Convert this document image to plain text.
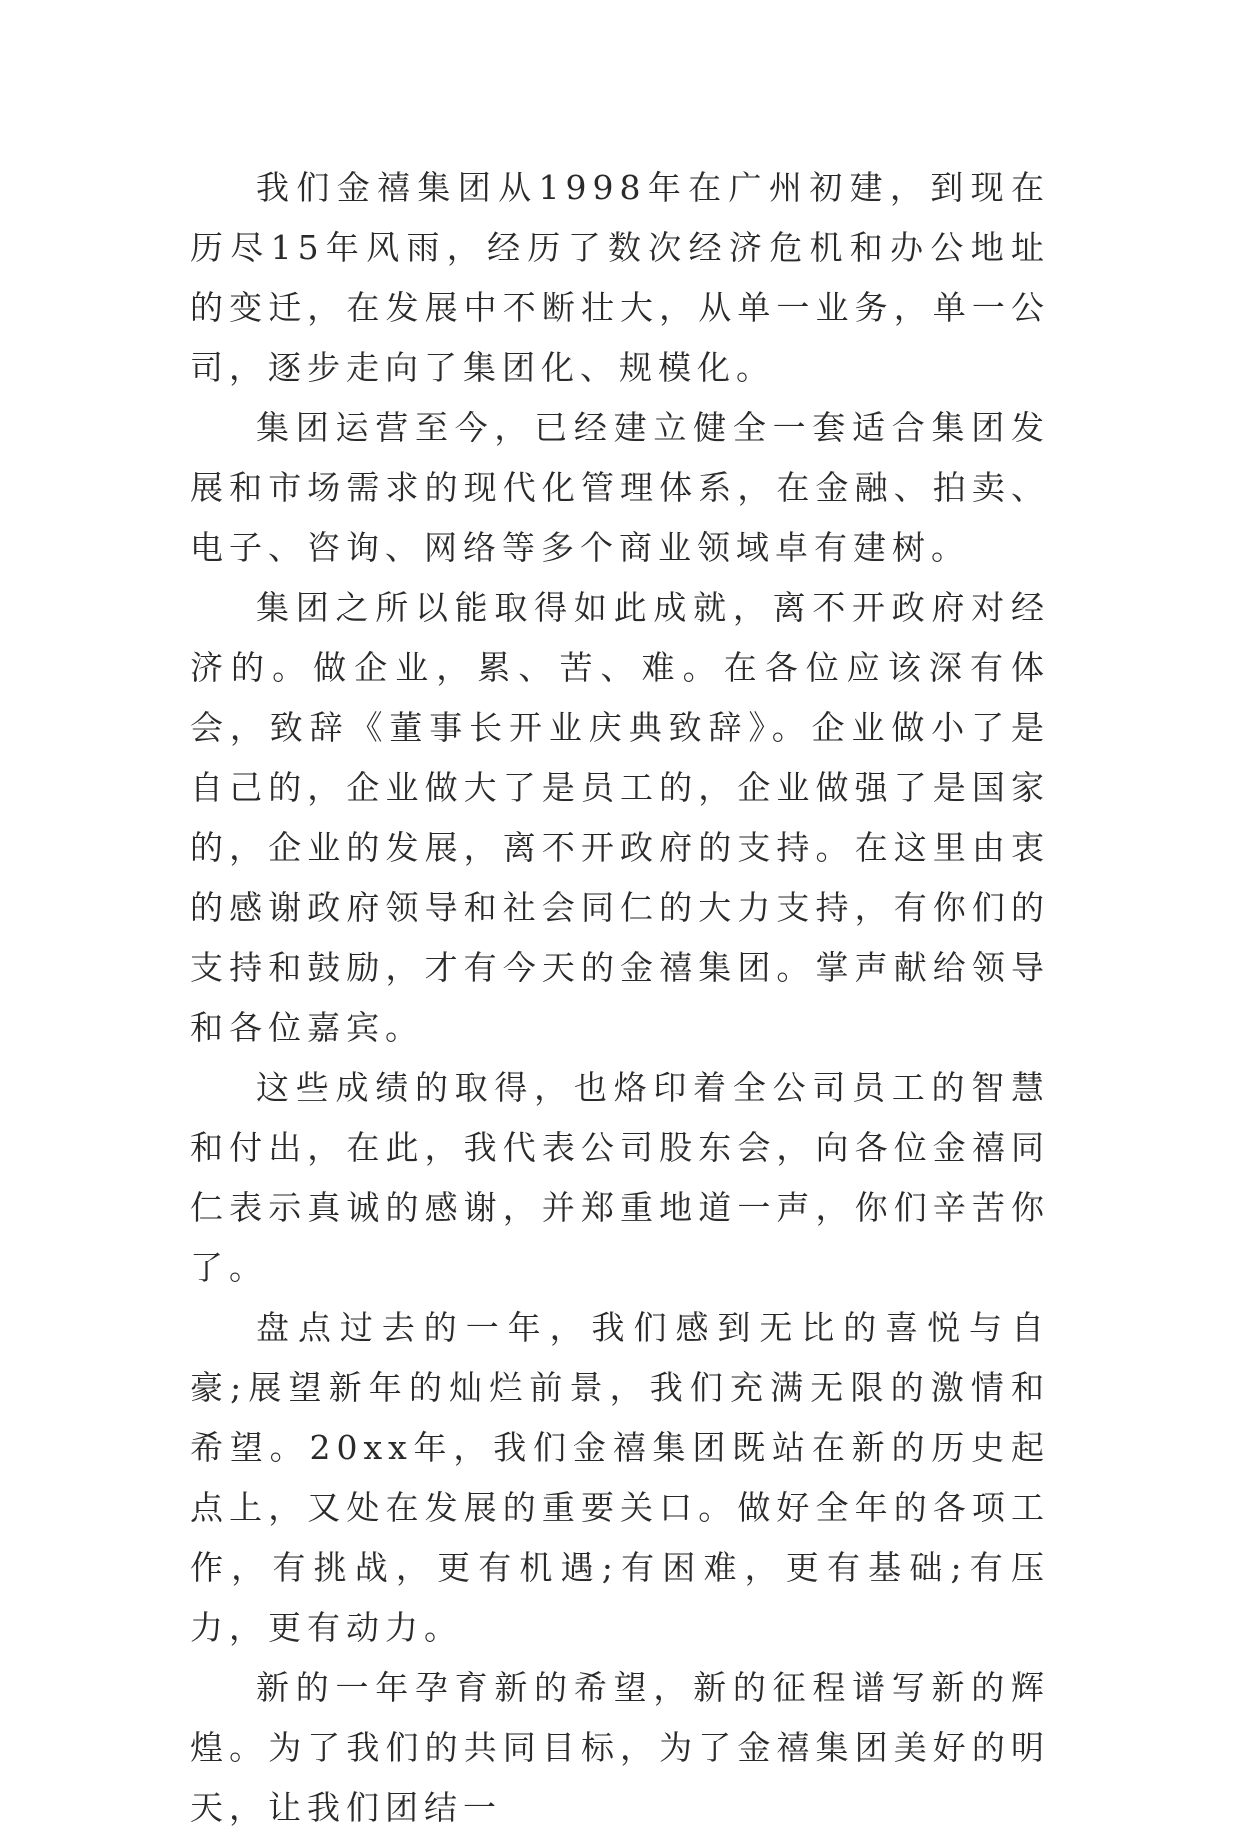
我们金禧集团从1998年在广州初建，到现在历尽15年风雨，经历了数次经济危机和办公地址的变迁，在发展中不断壮大，从单一业务，单一公司，逐步走向了集团化、规模化。

集团运营至今，已经建立健全一套适合集团发展和市场需求的现代化管理体系，在金融、拍卖、电子、咨询、网络等多个商业领域卓有建树。

集团之所以能取得如此成就，离不开政府对经济的。做企业，累、苦、难。在各位应该深有体会，致辞《董事长开业庆典致辞》。企业做小了是自己的，企业做大了是员工的，企业做强了是国家的，企业的发展，离不开政府的支持。在这里由衷的感谢政府领导和社会同仁的大力支持，有你们的支持和鼓励，才有今天的金禧集团。掌声献给领导和各位嘉宾。

这些成绩的取得，也烙印着全公司员工的智慧和付出，在此，我代表公司股东会，向各位金禧同仁表示真诚的感谢，并郑重地道一声，你们辛苦你了。

盘点过去的一年，我们感到无比的喜悦与自豪;展望新年的灿烂前景，我们充满无限的激情和希望。20xx年，我们金禧集团既站在新的历史起点上，又处在发展的重要关口。做好全年的各项工作，有挑战，更有机遇;有困难，更有基础;有压力，更有动力。

新的一年孕育新的希望，新的征程谱写新的辉煌。为了我们的共同目标，为了金禧集团美好的明天，让我们团结一
